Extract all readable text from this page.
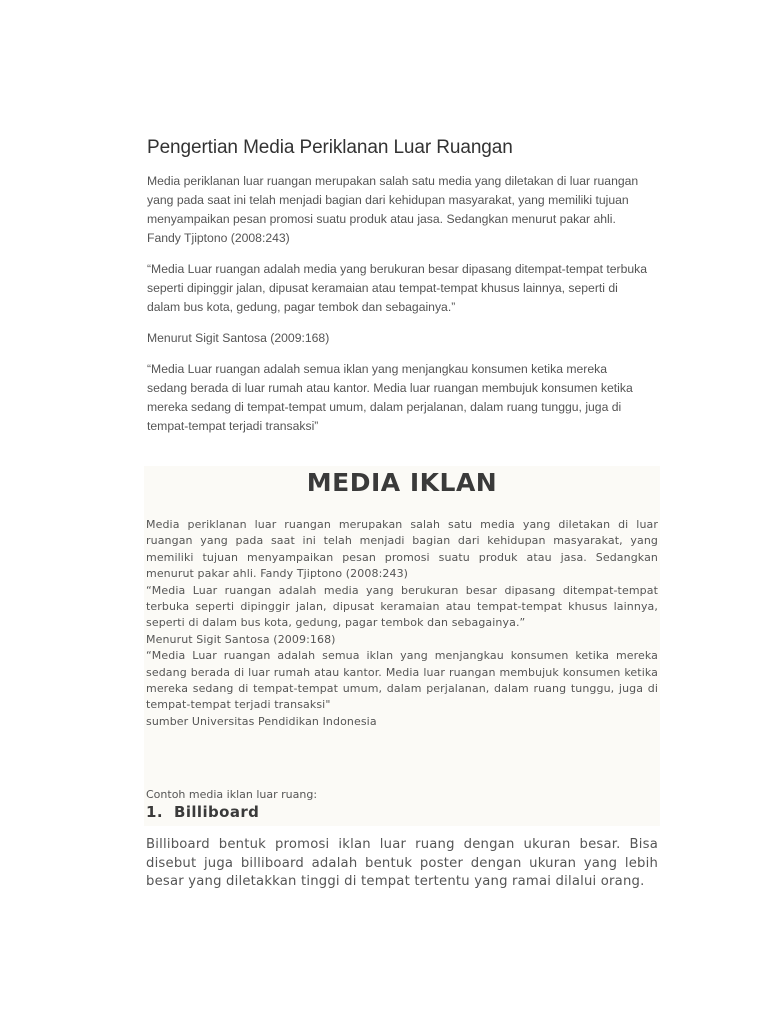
Pengertian Media Periklanan Luar Ruangan

Media periklanan luar ruangan merupakan salah satu media yang diletakan di luar ruangan yang pada saat ini telah menjadi bagian dari kehidupan masyarakat, yang memiliki tujuan menyampaikan pesan promosi suatu produk atau jasa. Sedangkan menurut pakar ahli. Fandy Tjiptono (2008:243)

“Media Luar ruangan adalah media yang berukuran besar dipasang ditempat-tempat terbuka seperti dipinggir jalan, dipusat keramaian atau tempat-tempat khusus lainnya, seperti di dalam bus kota, gedung, pagar tembok dan sebagainya.”

Menurut Sigit Santosa (2009:168)

“Media Luar ruangan adalah semua iklan yang menjangkau konsumen ketika mereka sedang berada di luar rumah atau kantor. Media luar ruangan membujuk konsumen ketika mereka sedang di tempat-tempat umum, dalam perjalanan, dalam ruang tunggu, juga di tempat-tempat terjadi transaksi”

MEDIA IKLAN

Media periklanan luar ruangan merupakan salah satu media yang diletakan di luar ruangan yang pada saat ini telah menjadi bagian dari kehidupan masyarakat, yang memiliki tujuan menyampaikan pesan promosi suatu produk atau jasa. Sedangkan menurut pakar ahli. Fandy Tjiptono (2008:243)

“Media Luar ruangan adalah media yang berukuran besar dipasang ditempat-tempat terbuka seperti dipinggir jalan, dipusat keramaian atau tempat-tempat khusus lainnya, seperti di dalam bus kota, gedung, pagar tembok dan sebagainya.”

Menurut Sigit Santosa (2009:168)

“Media Luar ruangan adalah semua iklan yang menjangkau konsumen ketika mereka sedang berada di luar rumah atau kantor. Media luar ruangan membujuk konsumen ketika mereka sedang di tempat-tempat umum, dalam perjalanan, dalam ruang tunggu, juga di tempat-tempat terjadi transaksi"

sumber Universitas Pendidikan Indonesia

Contoh media iklan luar ruang:
1. Billiboard

Billiboard bentuk promosi iklan luar ruang dengan ukuran besar. Bisa disebut juga billiboard adalah bentuk poster dengan ukuran yang lebih besar yang diletakkan tinggi di tempat tertentu yang ramai dilalui orang.
